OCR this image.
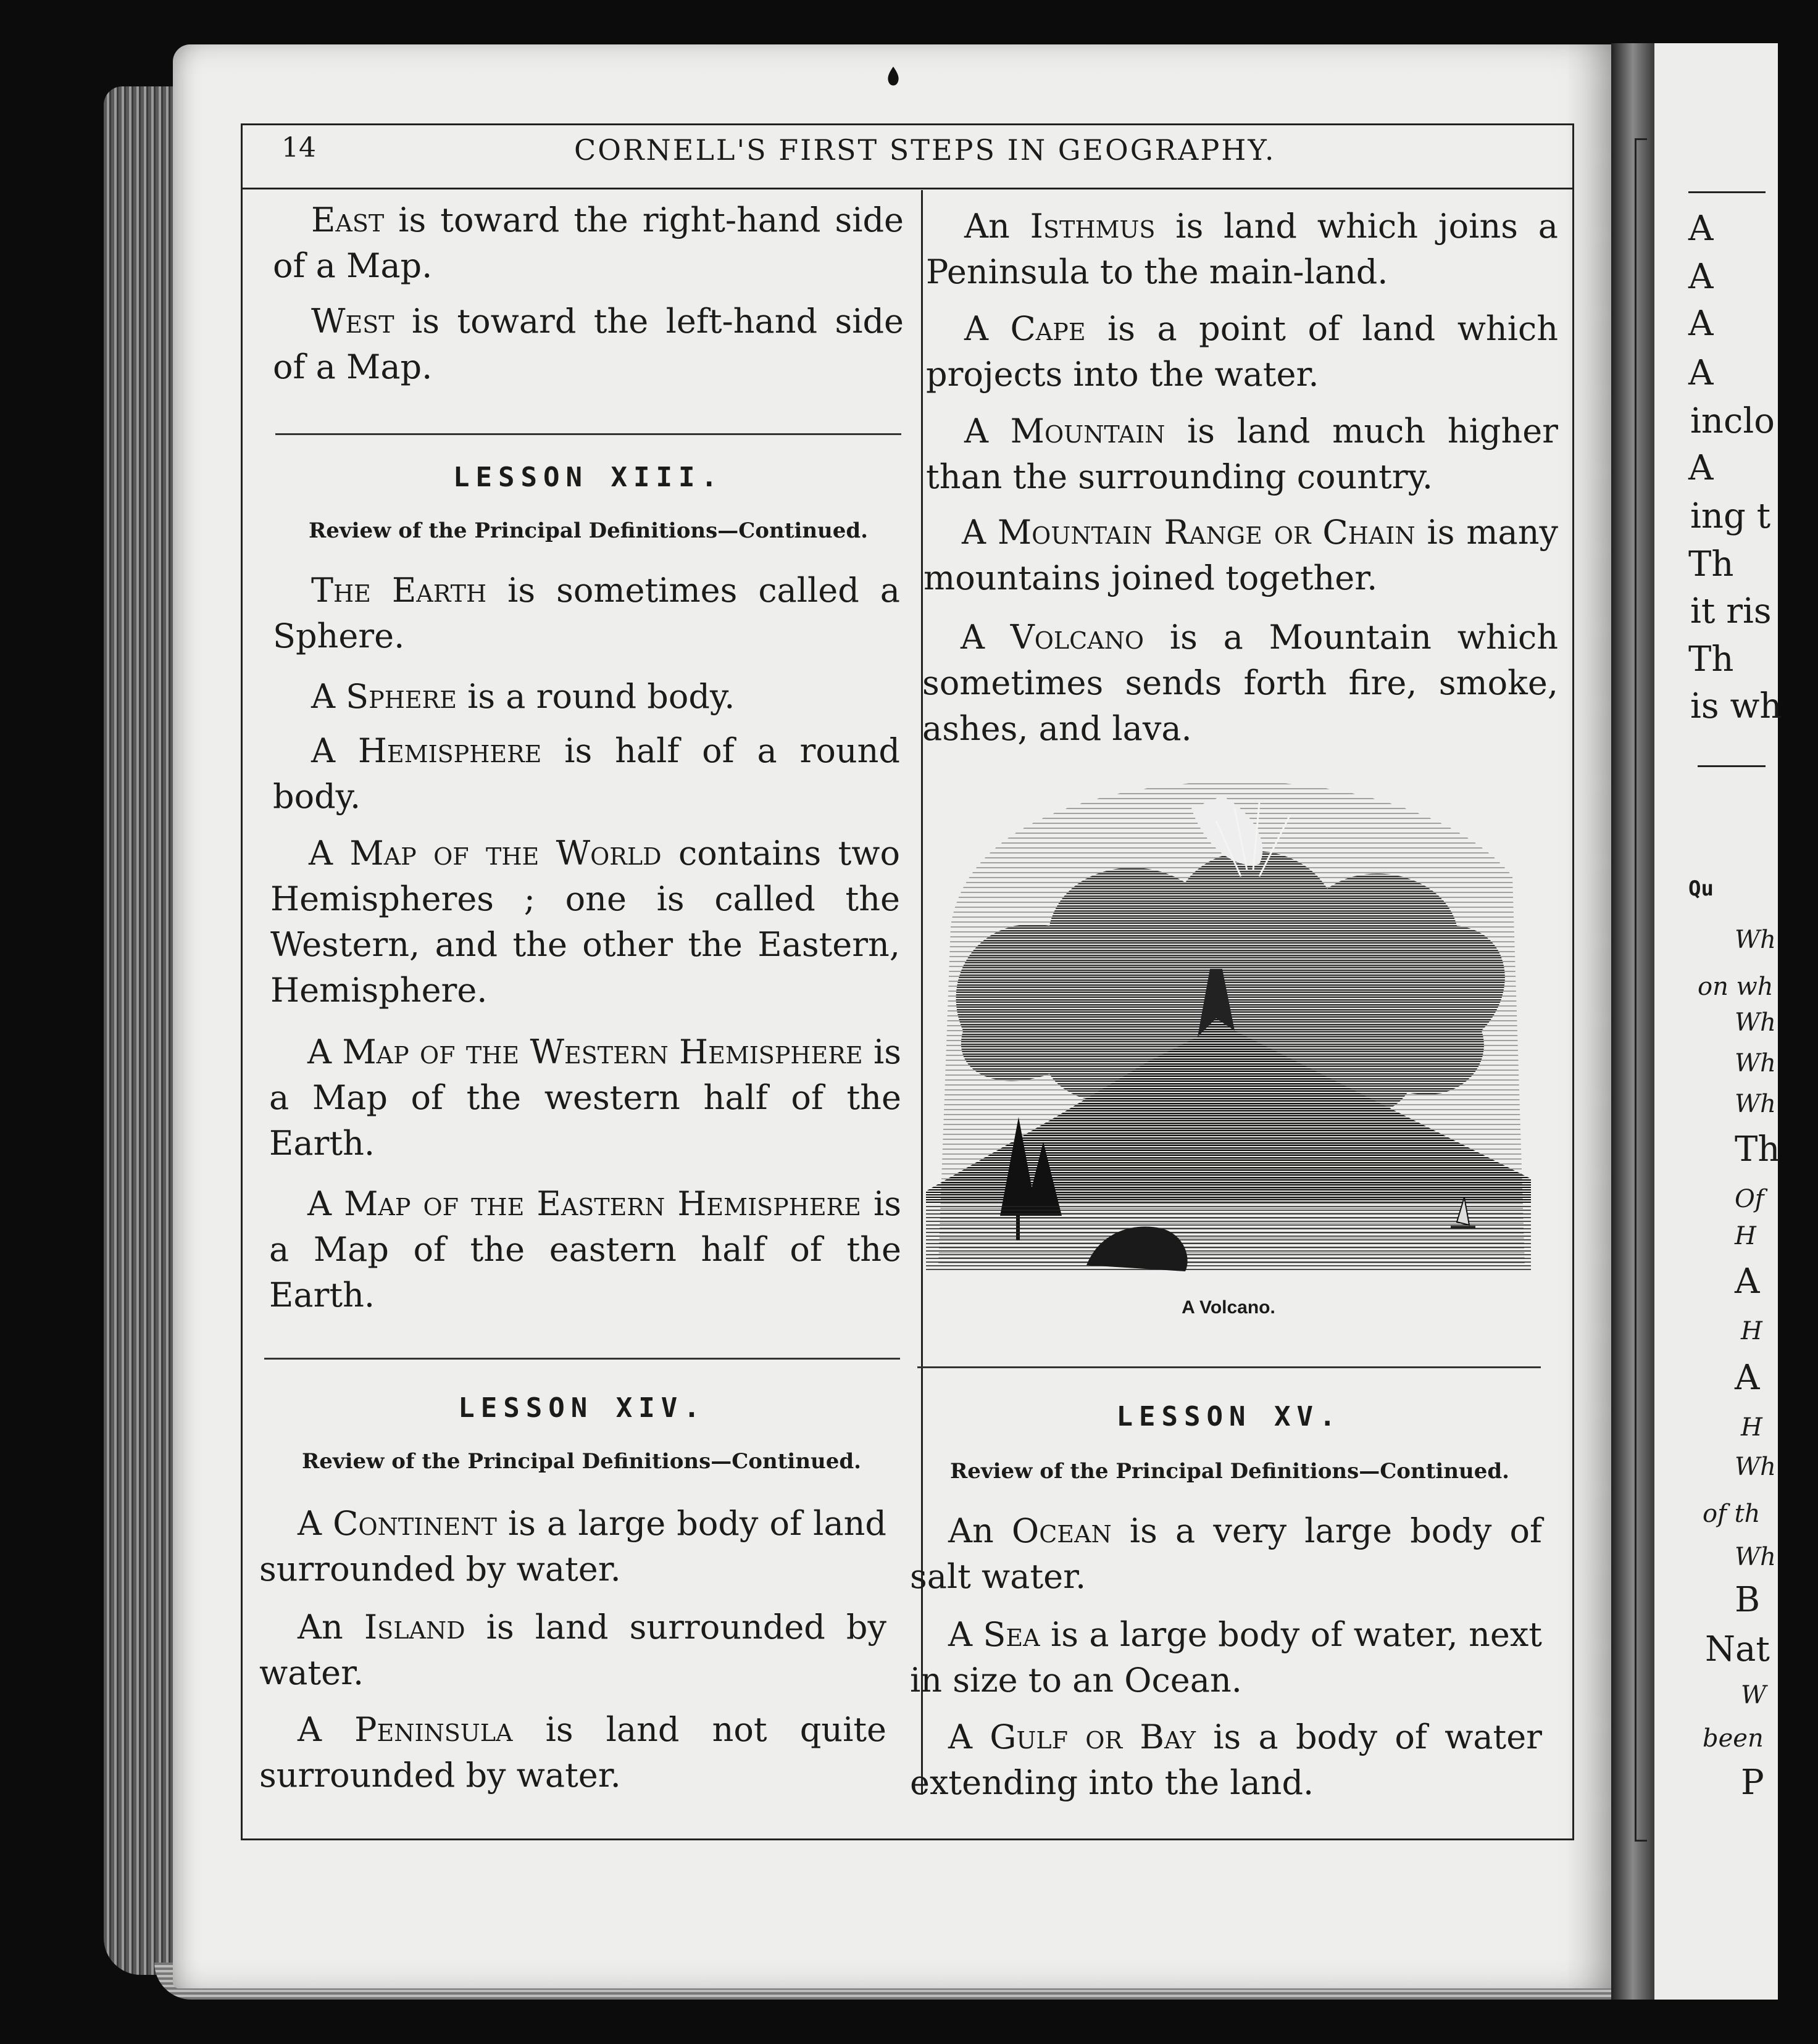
14	CORNELL'S FIRST STEPS IN GEOGRAPHY.

East is toward the right-hand side of a Map.

West is toward the left-hand side of a Map.

LESSON XIII.
Review of the Principal Definitions—Continued.

The Earth is sometimes called a Sphere.

A Sphere is a round body.

A Hemisphere is half of a round body.

A Map of the World contains two Hemispheres ; one is called the Western, and the other the Eastern, Hemisphere.

A Map of the Western Hemisphere is a Map of the western half of the Earth.

A Map of the Eastern Hemisphere is a Map of the eastern half of the Earth.

LESSON XIV.
Review of the Principal Definitions—Continued.

A Continent is a large body of land surrounded by water.

An Island is land surrounded by water.

A Peninsula is land not quite surrounded by water.

An Isthmus is land which joins a Peninsula to the main-land.

A Cape is a point of land which projects into the water.

A Mountain is land much higher than the surrounding country.

A Mountain Range or Chain is many mountains joined together.

A Volcano is a Mountain which sometimes sends forth fire, smoke, ashes, and lava.

A Volcano.
LESSON XV.
Review of the Principal Definitions—Continued.

An Ocean is a very large body of salt water.

A Sea is a large body of water, next in size to an Ocean.

A Gulf or Bay is a body of water extending into the land.

A
A
A
A
inclo
A
ing t
Th
it ris
Th
is wh
Qu
Wh
on wh
Wh
Wh
Wh
Th
Of
H
A
H
A
H
Wh
of th
Wh
B
Nat
W
been
P
